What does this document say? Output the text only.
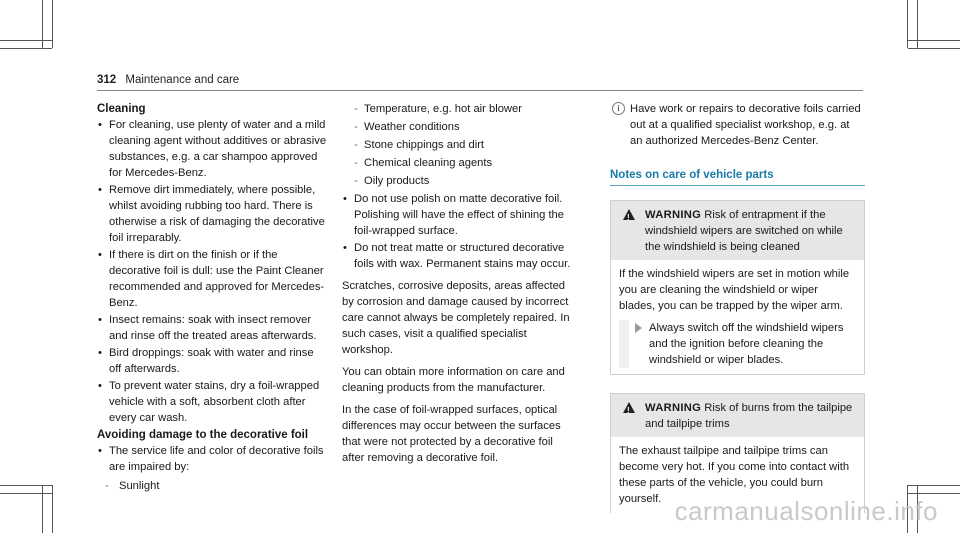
312 Maintenance and care
Cleaning
• For cleaning, use plenty of water and a mild cleaning agent without additives or abrasive substances, e.g. a car shampoo approved for Mercedes-Benz.
• Remove dirt immediately, where possible, whilst avoiding rubbing too hard. There is otherwise a risk of damaging the decorative foil irreparably.
• If there is dirt on the finish or if the decorative foil is dull: use the Paint Cleaner recommended and approved for Mercedes-Benz.
• Insect remains: soak with insect remover and rinse off the treated areas afterwards.
• Bird droppings: soak with water and rinse off afterwards.
• To prevent water stains, dry a foil-wrapped vehicle with a soft, absorbent cloth after every car wash.
Avoiding damage to the decorative foil
• The service life and color of decorative foils are impaired by:
- Sunlight
- Temperature, e.g. hot air blower
- Weather conditions
- Stone chippings and dirt
- Chemical cleaning agents
- Oily products
• Do not use polish on matte decorative foil. Polishing will have the effect of shining the foil-wrapped surface.
• Do not treat matte or structured decorative foils with wax. Permanent stains may occur.

Scratches, corrosive deposits, areas affected by corrosion and damage caused by incorrect care cannot always be completely repaired. In such cases, visit a qualified specialist workshop.

You can obtain more information on care and cleaning products from the manufacturer.

In the case of foil-wrapped surfaces, optical differences may occur between the surfaces that were not protected by a decorative foil after removing a decorative foil.

i Have work or repairs to decorative foils carried out at a qualified specialist workshop, e.g. at an authorized Mercedes-Benz Center.
Notes on care of vehicle parts
!
WARNING Risk of entrapment if the windshield wipers are switched on while the windshield is being cleaned
If the windshield wipers are set in motion while you are cleaning the windshield or wiper blades, you can be trapped by the wiper arm.
Always switch off the windshield wipers and the ignition before cleaning the windshield or wiper blades.
!
WARNING Risk of burns from the tailpipe and tailpipe trims
The exhaust tailpipe and tailpipe trims can become very hot. If you come into contact with these parts of the vehicle, you could burn yourself. carmanualsonline.info
